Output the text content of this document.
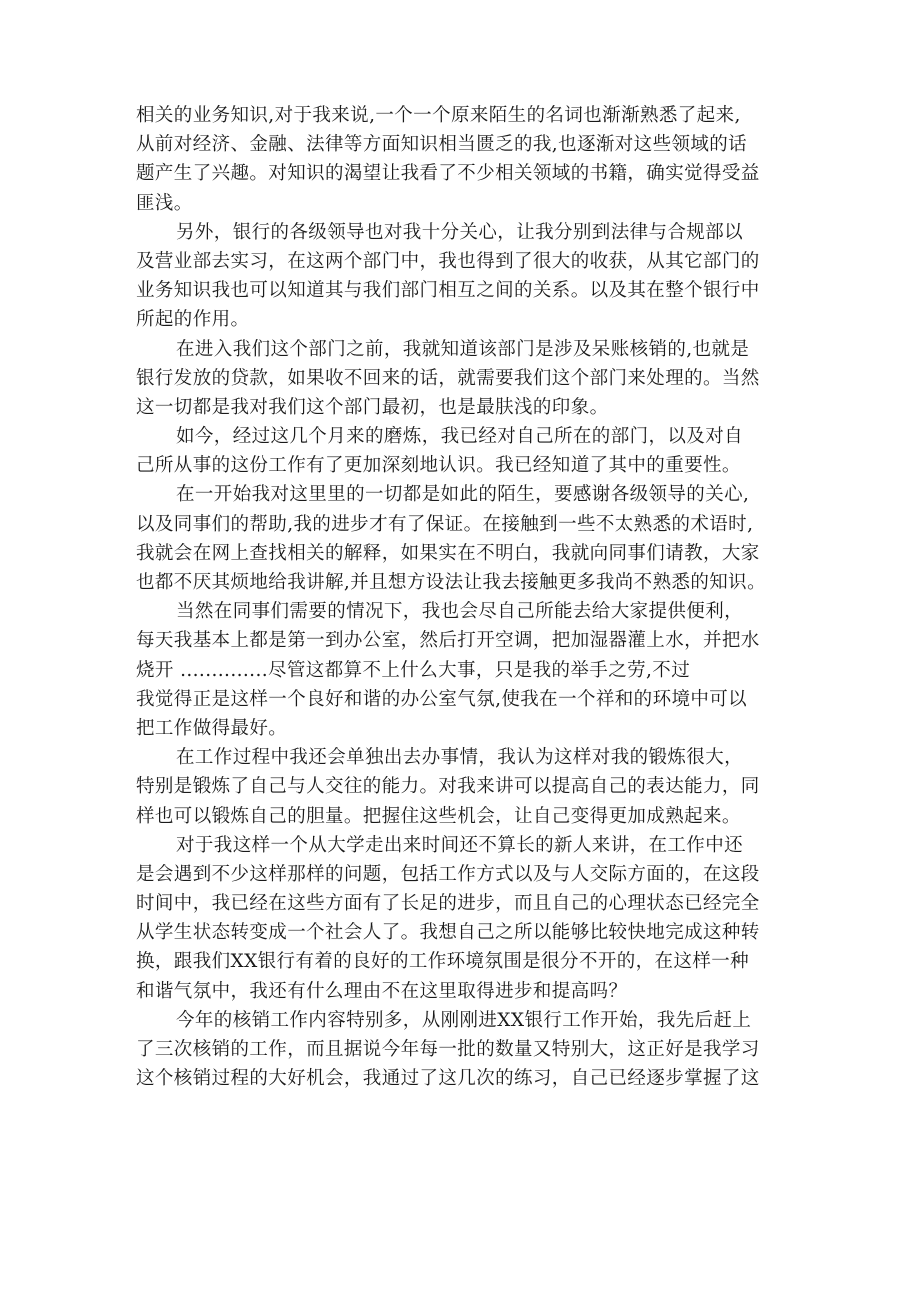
相关的业务知识,对于我来说,一个一个原来陌生的名词也渐渐熟悉了起来,
从前对经济、金融、法律等方面知识相当匮乏的我,也逐渐对这些领域的话
题产生了兴趣。对知识的渴望让我看了不少相关领域的书籍，确实觉得受益
匪浅。
另外，银行的各级领导也对我十分关心，让我分别到法律与合规部以
及营业部去实习，在这两个部门中，我也得到了很大的收获，从其它部门的
业务知识我也可以知道其与我们部门相互之间的关系。以及其在整个银行中
所起的作用。
在进入我们这个部门之前，我就知道该部门是涉及呆账核销的,也就是
银行发放的贷款，如果收不回来的话，就需要我们这个部门来处理的。当然
这一切都是我对我们这个部门最初，也是最肤浅的印象。
如今，经过这几个月来的磨炼，我已经对自己所在的部门，以及对自
己所从事的这份工作有了更加深刻地认识。我已经知道了其中的重要性。
在一开始我对这里里的一切都是如此的陌生，要感谢各级领导的关心,
以及同事们的帮助,我的进步才有了保证。在接触到一些不太熟悉的术语时,
我就会在网上查找相关的解释，如果实在不明白，我就向同事们请教，大家
也都不厌其烦地给我讲解,并且想方设法让我去接触更多我尚不熟悉的知识。
当然在同事们需要的情况下，我也会尽自己所能去给大家提供便利，
每天我基本上都是第一到办公室，然后打开空调，把加湿器灌上水，并把水
烧开 ..............尽管这都算不上什么大事，只是我的举手之劳,不过
我觉得正是这样一个良好和谐的办公室气氛,使我在一个祥和的环境中可以
把工作做得最好。
在工作过程中我还会单独出去办事情，我认为这样对我的锻炼很大，
特别是锻炼了自己与人交往的能力。对我来讲可以提高自己的表达能力，同
样也可以锻炼自己的胆量。把握住这些机会，让自己变得更加成熟起来。
对于我这样一个从大学走出来时间还不算长的新人来讲，在工作中还
是会遇到不少这样那样的问题，包括工作方式以及与人交际方面的，在这段
时间中，我已经在这些方面有了长足的进步，而且自己的心理状态已经完全
从学生状态转变成一个社会人了。我想自己之所以能够比较快地完成这种转
换，跟我们XX银行有着的良好的工作环境氛围是很分不开的，在这样一种
和谐气氛中，我还有什么理由不在这里取得进步和提高吗？
今年的核销工作内容特别多，从刚刚进XX银行工作开始，我先后赶上
了三次核销的工作，而且据说今年每一批的数量又特别大，这正好是我学习
这个核销过程的大好机会，我通过了这几次的练习，自己已经逐步掌握了这
